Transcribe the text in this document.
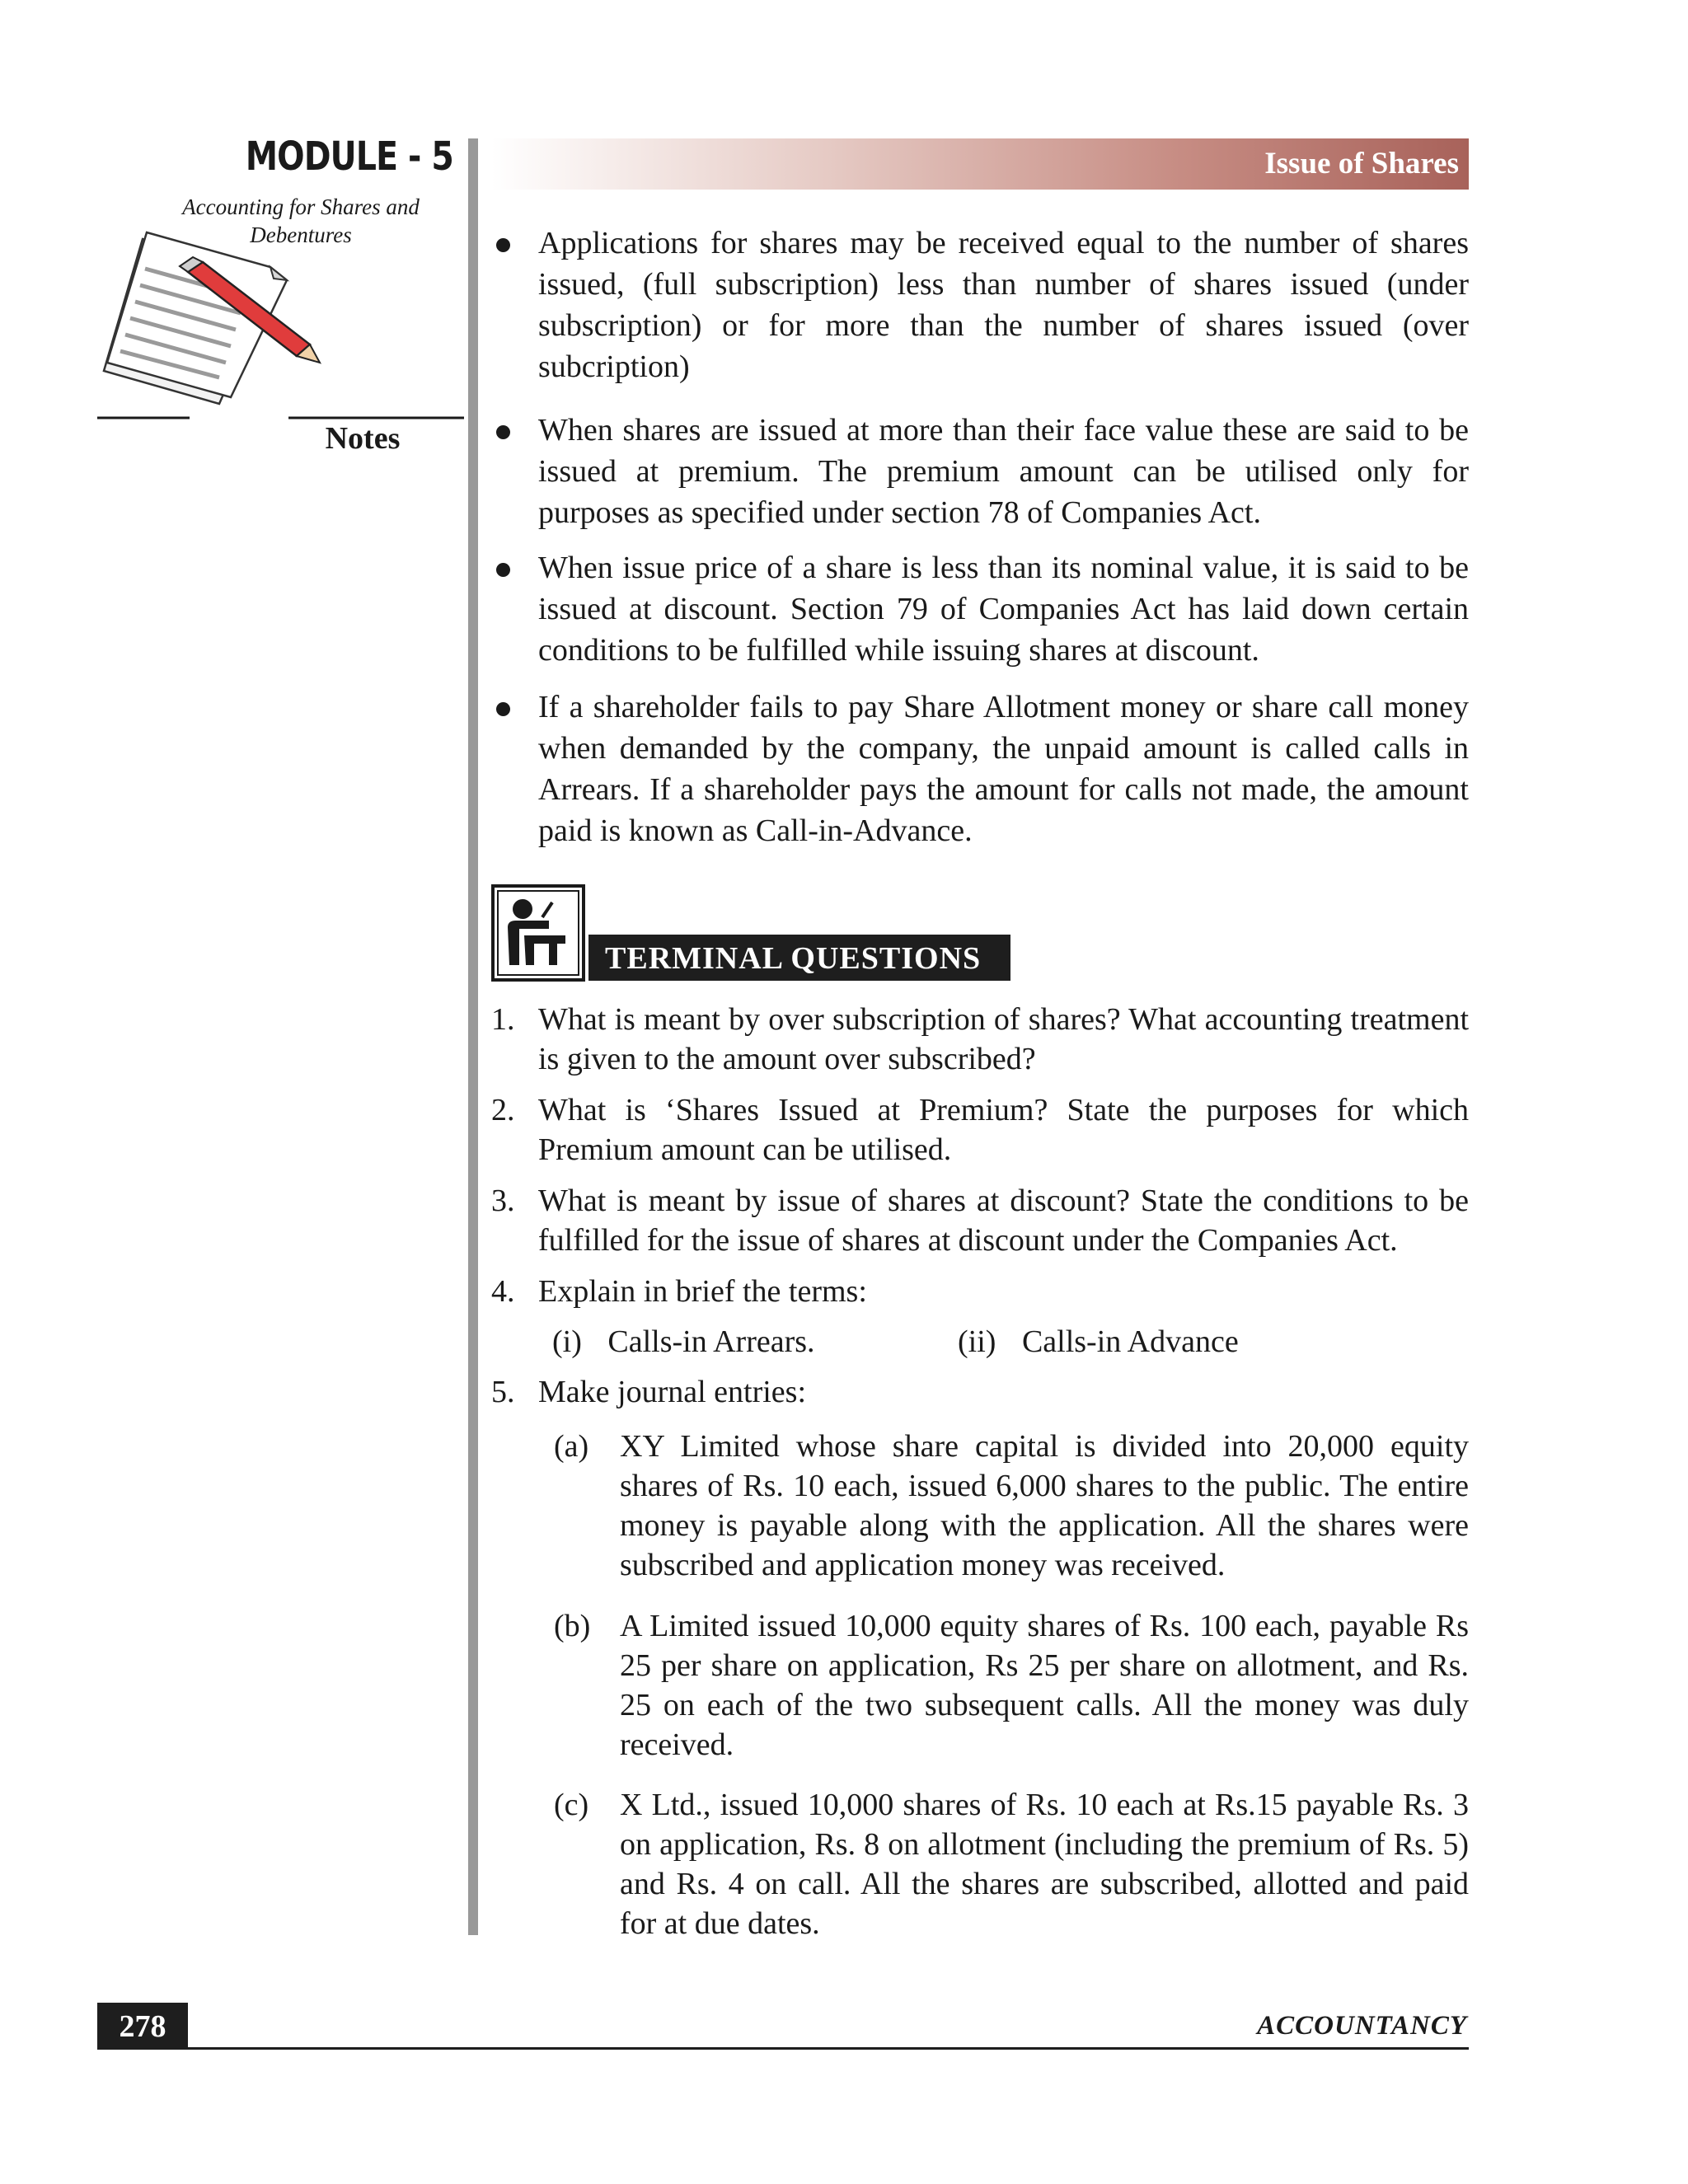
MODULE - 5
Accounting for Shares and Debentures
Notes
Issue of Shares
Applications for shares may be received equal to the number of shares issued, (full subscription) less than number of shares issued (under subscription) or for more than the number of shares issued (over subcription)
When shares are issued at more than their face value these are said to be issued at premium. The premium amount can be utilised only for purposes as specified under section 78 of Companies Act.
When issue price of a share is less than its nominal value, it is said to be issued at discount. Section 79 of Companies Act has laid down certain conditions to be fulfilled while issuing shares at discount.
If a shareholder fails to pay Share Allotment money or share call money when demanded by the company, the unpaid amount is called calls in Arrears. If a shareholder pays the amount for calls not made, the amount paid is known as Call-in-Advance.
TERMINAL QUESTIONS
1. What is meant by over subscription of shares? What accounting treatment is given to the amount over subscribed?
2. What is ‘Shares Issued at Premium? State the purposes for which Premium amount can be utilised.
3. What is meant by issue of shares at discount? State the conditions to be fulfilled for the issue of shares at discount under the Companies Act.
4. Explain in brief the terms:
(i) Calls-in Arrears.	(ii) Calls-in Advance
5. Make journal entries:
(a) XY Limited whose share capital is divided into 20,000 equity shares of Rs. 10 each, issued 6,000 shares to the public. The entire money is payable along with the application. All the shares were subscribed and application money was received.
(b) A Limited issued 10,000 equity shares of Rs. 100 each, payable Rs 25 per share on application, Rs 25 per share on allotment, and Rs. 25 on each of the two subsequent calls. All the money was duly received.
(c) X Ltd., issued 10,000 shares of Rs. 10 each at Rs.15 payable Rs. 3 on application, Rs. 8 on allotment (including the premium of Rs. 5) and Rs. 4 on call. All the shares are subscribed, allotted and paid for at due dates.
278	ACCOUNTANCY
